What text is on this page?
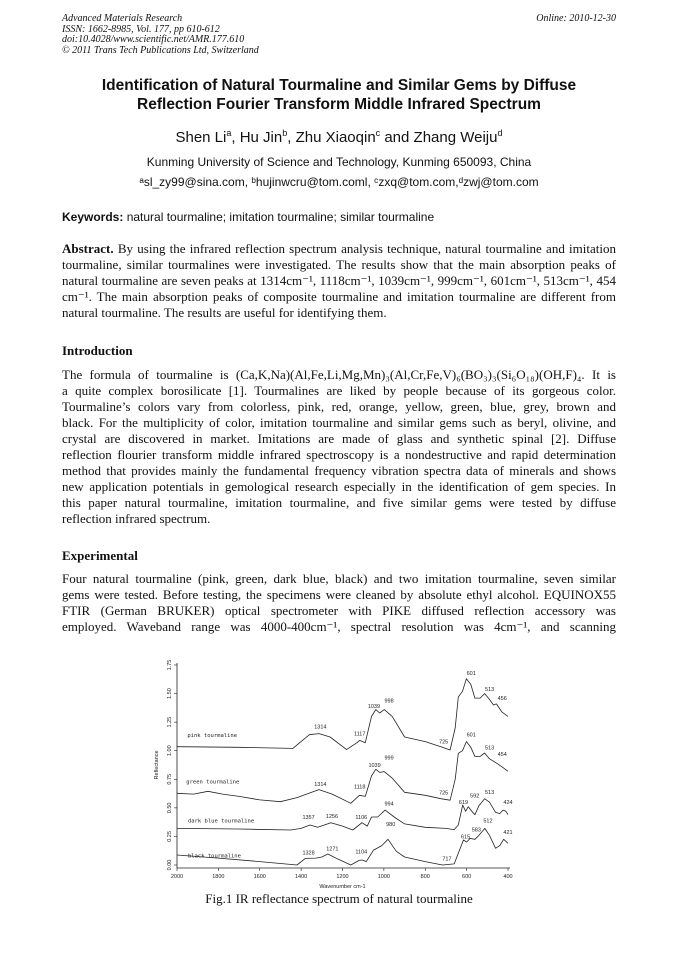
Advanced Materials Research
ISSN: 1662-8985, Vol. 177, pp 610-612
doi:10.4028/www.scientific.net/AMR.177.610
© 2011 Trans Tech Publications Ltd, Switzerland
Online: 2010-12-30
Identification of Natural Tourmaline and Similar Gems by Diffuse
Reflection Fourier Transform Middle Infrared Spectrum
Shen Li$^a$, Hu Jin$^b$, Zhu Xiaoqin$^c$ and Zhang Weiju$^d$
Kunming University of Science and Technology, Kunming 650093, China
ᵃsl_zy99@sina.com, ᵇhujinwcru@tom.coml, ᶜzxq@tom.com,ᵈzwj@tom.com
Keywords: natural tourmaline; imitation tourmaline; similar tourmaline
Abstract. By using the infrared reflection spectrum analysis technique, natural tourmaline and imitation
tourmaline, similar tourmalines were investigated. The results show that the main absorption peaks of
natural tourmaline are seven peaks at 1314cm⁻¹, 1118cm⁻¹, 1039cm⁻¹, 999cm⁻¹, 601cm⁻¹, 513cm⁻¹, 454
cm⁻¹. The main absorption peaks of composite tourmaline and imitation tourmaline are different from
natural tourmaline. The results are useful for identifying them.
Introduction
The formula of tourmaline is (Ca,K,Na)(Al,Fe,Li,Mg,Mn)₃(Al,Cr,Fe,V)₆(BO₃)₃(Si₆O₁₈)(OH,F)₄. It is
a quite complex borosilicate [1]. Tourmalines are liked by people because of its gorgeous color.
Tourmaline’s colors vary from colorless, pink, red, orange, yellow, green, blue, grey, brown and
black. For the multiplicity of color, imitation tourmaline and similar gems such as beryl, olivine, and
crystal are discovered in market. Imitations are made of glass and synthetic spinal [2]. Diffuse
reflection flourier transform middle infrared spectroscopy is a nondestructive and rapid determination
method that provides mainly the fundamental frequency vibration spectra data of minerals and shows
new application potentials in gemological research especially in the identification of gem species. In
this paper natural tourmaline, imitation tourmaline, and five similar gems were tested by diffuse
reflection infrared spectrum.
Experimental
Four natural tourmaline (pink, green, dark blue, black) and two imitation tourmaline, seven similar
gems were tested. Before testing, the specimens were cleaned by absolute ethyl alcohol. EQUINOX55
FTIR (German BRUKER) optical spectrometer with PIKE diffused reflection accessory was
employed. Waveband range was 4000-400cm⁻¹, spectral resolution was 4cm⁻¹, and scanning
2000	1800	1600	1400	1200	1000	800	600	400
0.00
0.25
0.50
0.75
1.00
1.25
1.50
1.75
Reflectance
Wavenumber cm-1
pink tourmaline
green tourmaline
dark blue tourmaline
black tourmaline
1314
1117
1039
998
725
601
513
456
601
513
454
999
1039
1314	1118
725
619
592
513
424
994
1357 1256	1106
512
583
615
421
980
1328
1271	1104
717
Fig.1 IR reflectance spectrum of natural tourmaline
